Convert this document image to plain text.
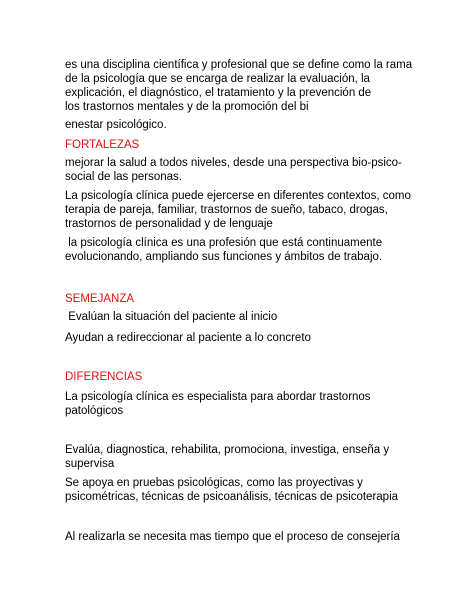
es una disciplina científica y profesional que se define como la rama

de la psicología que se encarga de realizar la evaluación, la

explicación, el diagnóstico, el tratamiento y la prevención de

los trastornos mentales y de la promoción del bi

enestar psicológico.

FORTALEZAS

mejorar la salud a todos niveles, desde una perspectiva bio-psico-

social de las personas.

La psicología clínica puede ejercerse en diferentes contextos, como

terapia de pareja, familiar, trastornos de sueño, tabaco, drogas,

trastornos de personalidad y de lenguaje

la psicología clínica es una profesión que está continuamente

evolucionando, ampliando sus funciones y ámbitos de trabajo.

SEMEJANZA

Evalúan la situación del paciente al inicio

Ayudan a redireccionar al paciente a lo concreto

DIFERENCIAS

La psicología clínica es especialista para abordar trastornos

patológicos

Evalúa, diagnostica, rehabilita, promociona, investiga, enseña y

supervisa

Se apoya en pruebas psicológicas, como las proyectivas y

psicométricas, técnicas de psicoanálisis, técnicas de psicoterapia

Al realizarla se necesita mas tiempo que el proceso de consejería
